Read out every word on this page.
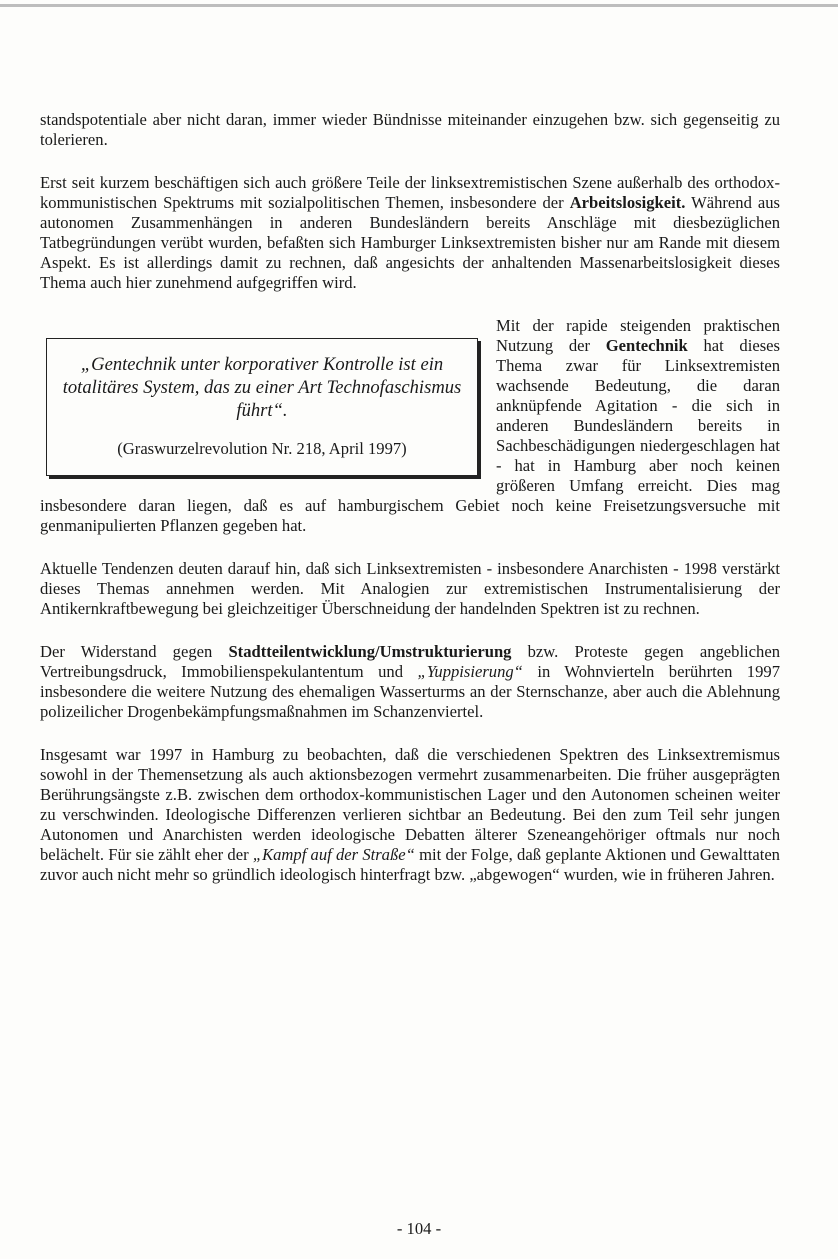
standspotentiale aber nicht daran, immer wieder Bündnisse miteinander einzugehen bzw. sich gegenseitig zu tolerieren.

Erst seit kurzem beschäftigen sich auch größere Teile der linksextremistischen Szene außerhalb des orthodox-kommunistischen Spektrums mit sozialpolitischen Themen, insbesondere der Arbeitslosigkeit. Während aus autonomen Zusammenhängen in anderen Bundesländern bereits Anschläge mit diesbezüglichen Tatbegründungen verübt wurden, befaßten sich Hamburger Linksextremisten bisher nur am Rande mit diesem Aspekt. Es ist allerdings damit zu rechnen, daß angesichts der anhaltenden Massenarbeitslosigkeit dieses Thema auch hier zunehmend aufgegriffen wird.

„Gentechnik unter korporativer Kontrolle ist ein totalitäres System, das zu einer Art Technofaschismus führt“.
(Graswurzelrevolution Nr. 218, April 1997)
Mit der rapide steigenden praktischen Nutzung der Gentechnik hat dieses Thema zwar für Linksextremisten wachsende Bedeutung, die daran anknüpfende Agitation - die sich in anderen Bundesländern bereits in Sachbeschädigungen niedergeschlagen hat - hat in Hamburg aber noch keinen größeren Umfang erreicht. Dies mag insbesondere daran liegen, daß es auf hamburgischem Gebiet noch keine Freisetzungsversuche mit genmanipulierten Pflanzen gegeben hat.

Aktuelle Tendenzen deuten darauf hin, daß sich Linksextremisten - insbesondere Anarchisten - 1998 verstärkt dieses Themas annehmen werden. Mit Analogien zur extremistischen Instrumentalisierung der Antikernkraftbewegung bei gleichzeitiger Überschneidung der handelnden Spektren ist zu rechnen.

Der Widerstand gegen Stadtteilentwicklung/Umstrukturierung bzw. Proteste gegen angeblichen Vertreibungsdruck, Immobilienspekulantentum und „Yuppisierung“ in Wohnvierteln berührten 1997 insbesondere die weitere Nutzung des ehemaligen Wasserturms an der Sternschanze, aber auch die Ablehnung polizeilicher Drogenbekämpfungsmaßnahmen im Schanzenviertel.

Insgesamt war 1997 in Hamburg zu beobachten, daß die verschiedenen Spektren des Linksextremismus sowohl in der Themensetzung als auch aktionsbezogen vermehrt zusammenarbeiten. Die früher ausgeprägten Berührungsängste z.B. zwischen dem orthodox-kommunistischen Lager und den Autonomen scheinen weiter zu verschwinden. Ideologische Differenzen verlieren sichtbar an Bedeutung. Bei den zum Teil sehr jungen Autonomen und Anarchisten werden ideologische Debatten älterer Szeneangehöriger oftmals nur noch belächelt. Für sie zählt eher der „Kampf auf der Straße“ mit der Folge, daß geplante Aktionen und Gewalttaten zuvor auch nicht mehr so gründlich ideologisch hinterfragt bzw. „abgewogen“ wurden, wie in früheren Jahren.

- 104 -
